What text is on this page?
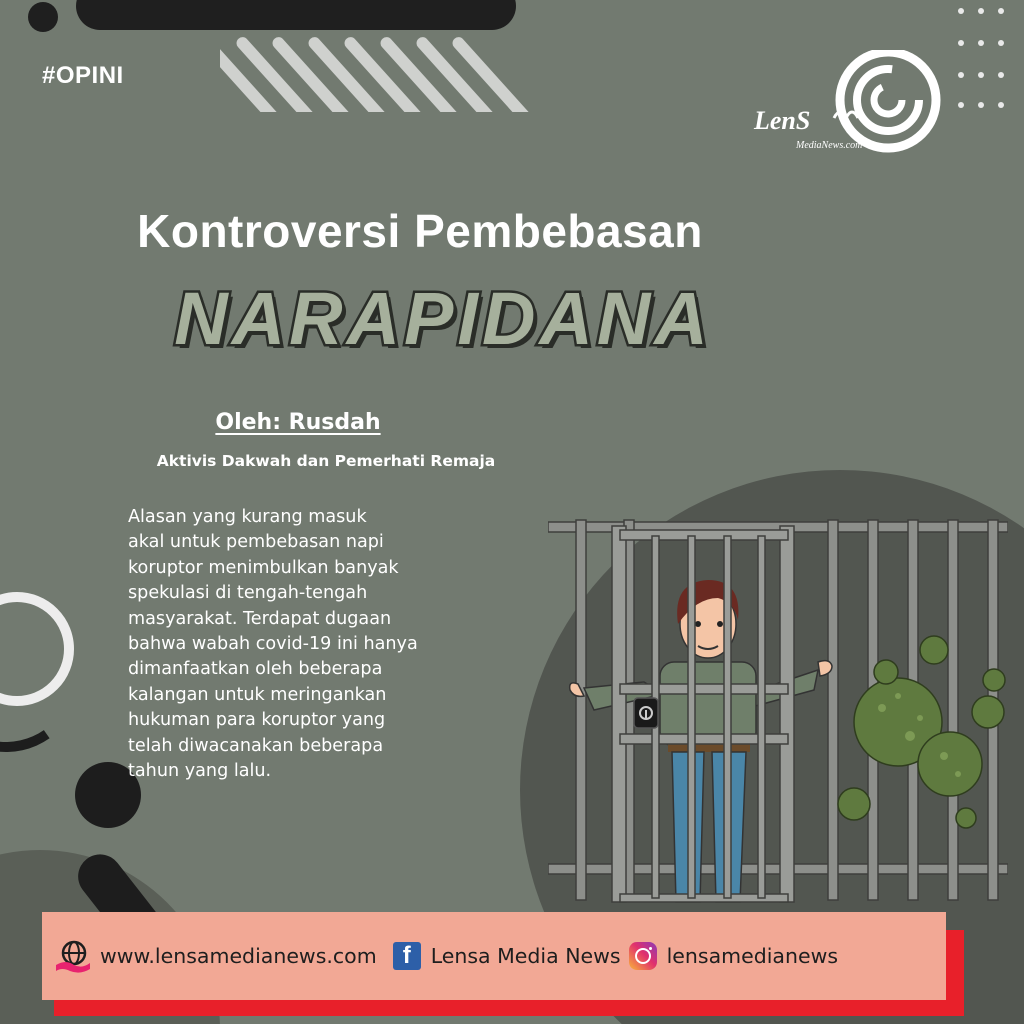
#OPINI
LenS
MediaNews.com
Kontroversi Pembebasan
NARAPIDANA
Oleh: Rusdah
Aktivis Dakwah dan Pemerhati Remaja
Alasan yang kurang masuk
akal untuk pembebasan napi
koruptor menimbulkan banyak
spekulasi di tengah-tengah
masyarakat. Terdapat dugaan
bahwa wabah covid-19 ini hanya
dimanfaatkan oleh beberapa
kalangan untuk meringankan
hukuman para koruptor yang
telah diwacanakan beberapa
tahun yang lalu.
www.lensamedianews.com	f Lensa Media News lensamedianews
